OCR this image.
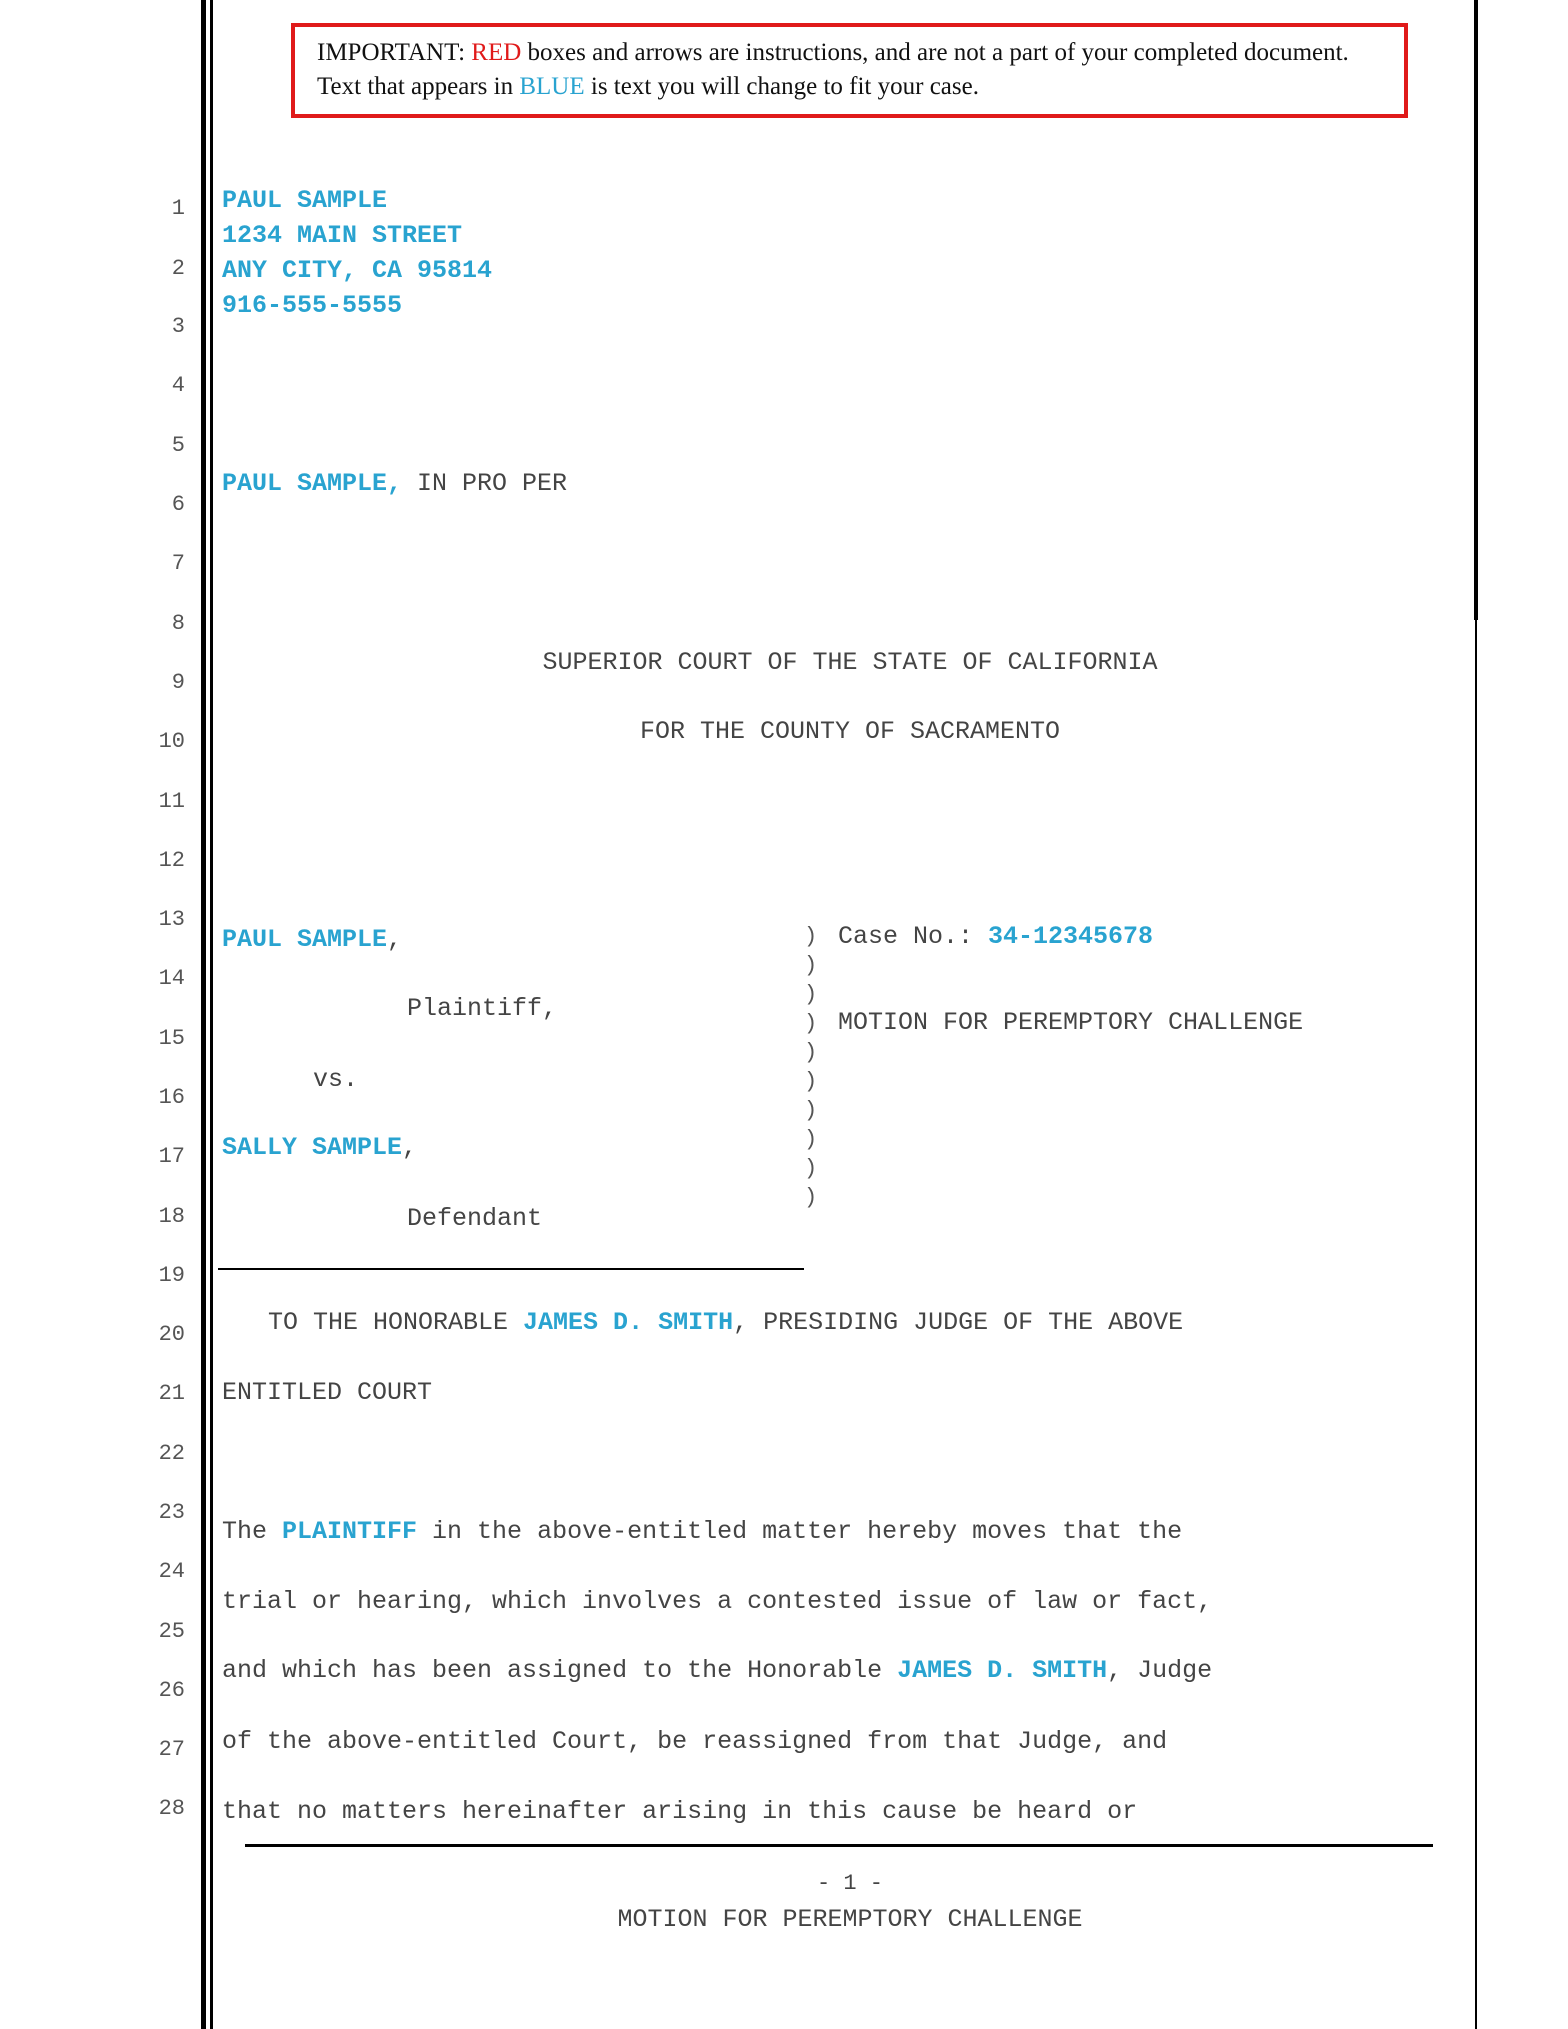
IMPORTANT: RED boxes and arrows are instructions, and are not a part of your completed document. Text that appears in BLUE is text you will change to fit your case.
1
2
3
4
5
6
7
8
9
10
11
12
13
14
15
16
17
18
19
20
21
22
23
24
25
26
27
28
PAUL SAMPLE
1234 MAIN STREET
ANY CITY, CA 95814
916-555-5555
PAUL SAMPLE, IN PRO PER
SUPERIOR COURT OF THE STATE OF CALIFORNIA
FOR THE COUNTY OF SACRAMENTO
PAUL SAMPLE,
Plaintiff,
vs.
SALLY SAMPLE,
Defendant
)
)
)
)
)
)
)
)
)
)
Case No.: 34-12345678
MOTION FOR PEREMPTORY CHALLENGE
TO THE HONORABLE JAMES D. SMITH, PRESIDING JUDGE OF THE ABOVE
ENTITLED COURT
The PLAINTIFF in the above-entitled matter hereby moves that the
trial or hearing, which involves a contested issue of law or fact,
and which has been assigned to the Honorable JAMES D. SMITH, Judge
of the above-entitled Court, be reassigned from that Judge, and
that no matters hereinafter arising in this cause be heard or
- 1 -
MOTION FOR PEREMPTORY CHALLENGE
